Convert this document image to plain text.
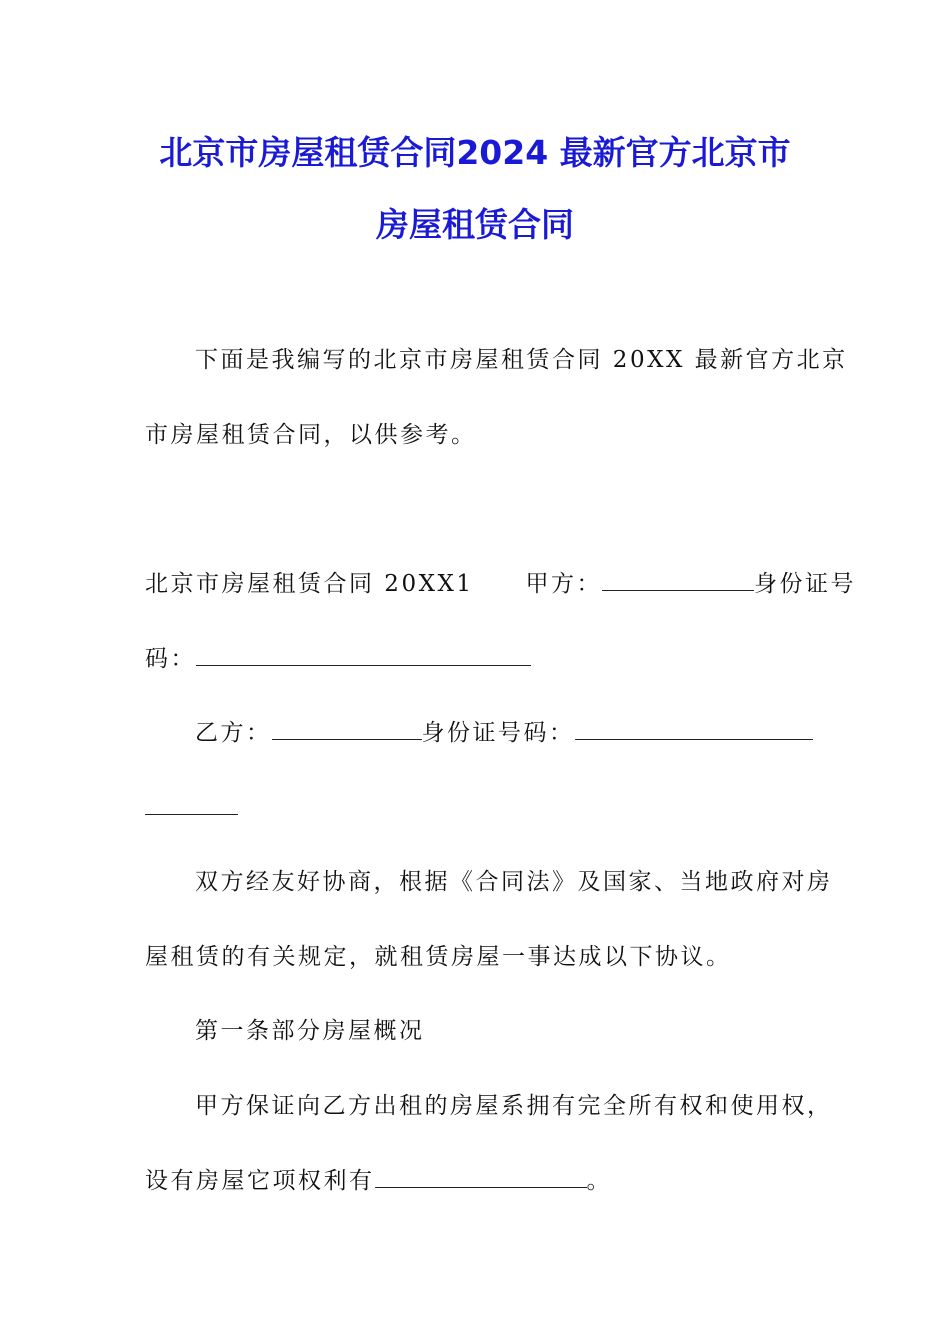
北京市房屋租赁合同2024 最新官方北京市
房屋租赁合同
下面是我编写的北京市房屋租赁合同 20XX 最新官方北京
市房屋租赁合同，以供参考。
北京市房屋租赁合同 20XX1 甲方：	身份证号
码：
乙方：	身份证号码：
双方经友好协商，根据《合同法》及国家、当地政府对房
屋租赁的有关规定，就租赁房屋一事达成以下协议。
第一条部分房屋概况
甲方保证向乙方出租的房屋系拥有完全所有权和使用权，
设有房屋它项权利有	。
